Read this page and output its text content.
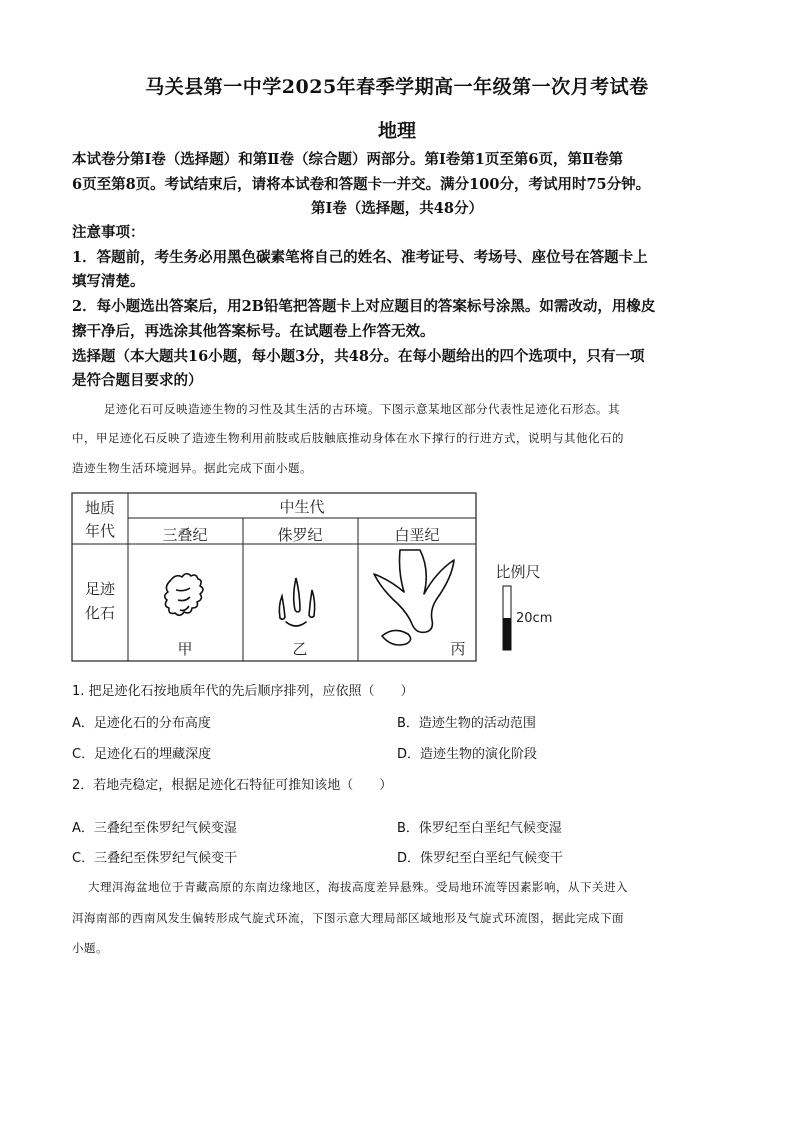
马关县第一中学2025年春季学期高一年级第一次月考试卷
地理
本试卷分第Ⅰ卷（选择题）和第Ⅱ卷（综合题）两部分。第Ⅰ卷第1页至第6页，第Ⅱ卷第
6页至第8页。考试结束后，请将本试卷和答题卡一并交。满分100分，考试用时75分钟。
第Ⅰ卷（选择题，共48分）
注意事项：
1．答题前，考生务必用黑色碳素笔将自己的姓名、准考证号、考场号、座位号在答题卡上
填写清楚。
2．每小题选出答案后，用2B铅笔把答题卡上对应题目的答案标号涂黑。如需改动，用橡皮
擦干净后，再选涂其他答案标号。在试题卷上作答无效。
选择题（本大题共16小题，每小题3分，共48分。在每小题给出的四个选项中，只有一项
是符合题目要求的）
足迹化石可反映造迹生物的习性及其生活的古环境。下图示意某地区部分代表性足迹化石形态。其
中，甲足迹化石反映了造迹生物利用前肢或后肢触底推动身体在水下撑行的行进方式，说明与其他化石的
造迹生物生活环境迥异。据此完成下面小题。
地质
年代
中生代
三叠纪	侏罗纪	白垩纪
足迹
化石
甲	乙	丙
比例尺
20cm
1. 把足迹化石按地质年代的先后顺序排列，应依照（　　）
A．足迹化石的分布高度	B．造迹生物的活动范围
C．足迹化石的埋藏深度	D．造迹生物的演化阶段
2．若地壳稳定，根据足迹化石特征可推知该地（　　）
A．三叠纪至侏罗纪气候变湿	B．侏罗纪至白垩纪气候变湿
C．三叠纪至侏罗纪气候变干	D．侏罗纪至白垩纪气候变干
大理洱海盆地位于青藏高原的东南边缘地区，海拔高度差异悬殊。受局地环流等因素影响，从下关进入
洱海南部的西南风发生偏转形成气旋式环流，下图示意大理局部区域地形及气旋式环流图，据此完成下面
小题。
